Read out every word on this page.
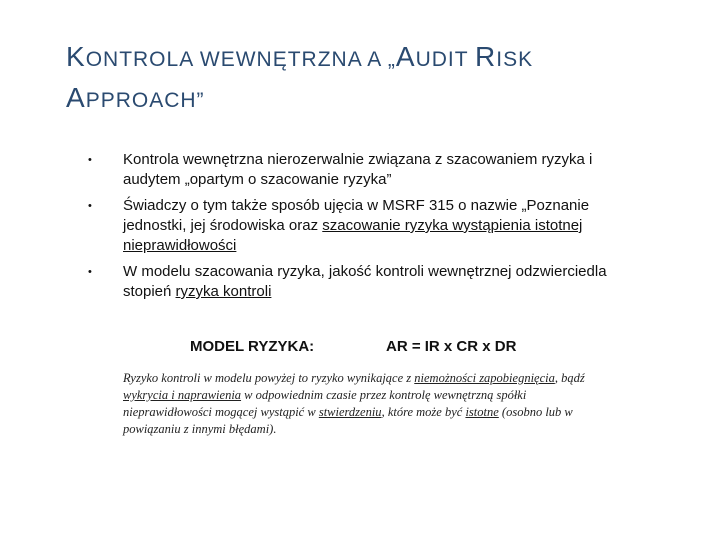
KONTROLA WEWNĘTRZNA A „AUDIT RISK
APPROACH”
• Kontrola wewnętrzna nierozerwalnie związana z szacowaniem ryzyka i audytem „opartym o szacowanie ryzyka”
• Świadczy o tym także sposób ujęcia w MSRF 315 o nazwie „Poznanie jednostki, jej środowiska oraz szacowanie ryzyka wystąpienia istotnej nieprawidłowości
• W modelu szacowania ryzyka, jakość kontroli wewnętrznej odzwierciedla stopień ryzyka kontroli
MODEL RYZYKA:	AR = IR x CR x DR
Ryzyko kontroli w modelu powyżej to ryzyko wynikające z niemożności zapobiegnięcia, bądź wykrycia i naprawienia w odpowiednim czasie przez kontrolę wewnętrzną spółki nieprawidłowości mogącej wystąpić w stwierdzeniu, które może być istotne (osobno lub w powiązaniu z innymi błędami).
